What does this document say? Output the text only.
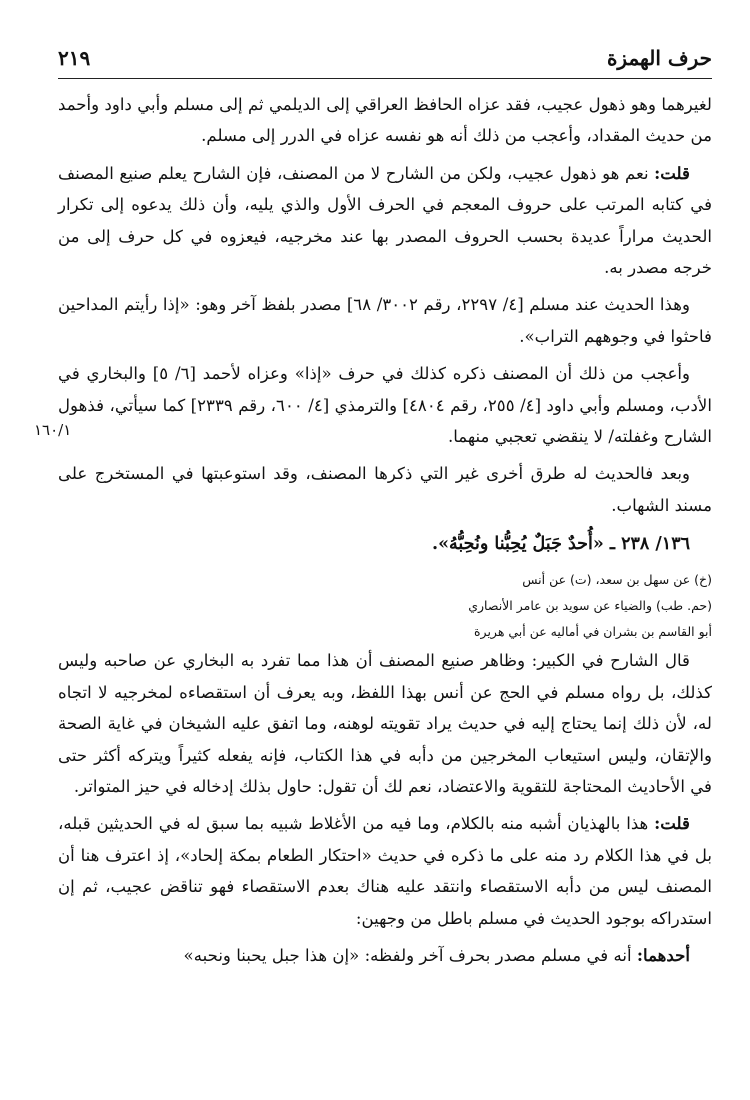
حرف الهمزة
٢١٩

لغيرهما وهو ذهول عجيب، فقد عزاه الحافظ العراقي إلى الديلمي ثم إلى مسلم وأبي داود وأحمد من حديث المقداد، وأعجب من ذلك أنه هو نفسه عزاه في الدرر إلى مسلم.

قلت: نعم هو ذهول عجيب، ولكن من الشارح لا من المصنف، فإن الشارح يعلم صنيع المصنف في كتابه المرتب على حروف المعجم في الحرف الأول والذي يليه، وأن ذلك يدعوه إلى تكرار الحديث مراراً عديدة بحسب الحروف المصدر بها عند مخرجيه، فيعزوه في كل حرف إلى من خرجه مصدر به.

وهذا الحديث عند مسلم [٤/ ٢٢٩٧، رقم ٣٠٠٢/ ٦٨] مصدر بلفظ آخر وهو: «إذا رأيتم المداحين فاحثوا في وجوههم التراب».

وأعجب من ذلك أن المصنف ذكره كذلك في حرف «إذا» وعزاه لأحمد [٦/ ٥] والبخاري في الأدب، ومسلم وأبي داود [٤/ ٢٥٥، رقم ٤٨٠٤] والترمذي [٤/ ٦٠٠، رقم ٢٣٣٩] كما سيأتي، فذهول الشارح وغفلته/ لا ينقضي تعجبي منهما.
١٦٠/١

وبعد فالحديث له طرق أخرى غير التي ذكرها المصنف، وقد استوعبتها في المستخرج على مسند الشهاب.

١٣٦/ ٢٣٨ ـ «أُحدٌ جَبَلٌ يُحِبُّنا ونُحِبُّهُ».
(خ) عن سهل بن سعد، (ت) عن أنس
(حم. طب) والضياء عن سويد بن عامر الأنصاري
أبو القاسم بن بشران في أماليه عن أبي هريرة

قال الشارح في الكبير: وظاهر صنيع المصنف أن هذا مما تفرد به البخاري عن صاحبه وليس كذلك، بل رواه مسلم في الحج عن أنس بهذا اللفظ، وبه يعرف أن استقصاءه لمخرجيه لا اتجاه له، لأن ذلك إنما يحتاج إليه في حديث يراد تقويته لوهنه، وما اتفق عليه الشيخان في غاية الصحة والإتقان، وليس استيعاب المخرجين من دأبه في هذا الكتاب، فإنه يفعله كثيراً ويتركه أكثر حتى في الأحاديث المحتاجة للتقوية والاعتضاد، نعم لك أن تقول: حاول بذلك إدخاله في حيز المتواتر.

قلت: هذا بالهذيان أشبه منه بالكلام، وما فيه من الأغلاط شبيه بما سبق له في الحديثين قبله، بل في هذا الكلام رد منه على ما ذكره في حديث «احتكار الطعام بمكة إلحاد»، إذ اعترف هنا أن المصنف ليس من دأبه الاستقصاء وانتقد عليه هناك بعدم الاستقصاء فهو تناقض عجيب، ثم إن استدراكه بوجود الحديث في مسلم باطل من وجهين:

أحدهما: أنه في مسلم مصدر بحرف آخر ولفظه: «إن هذا جبل يحبنا ونحبه»
